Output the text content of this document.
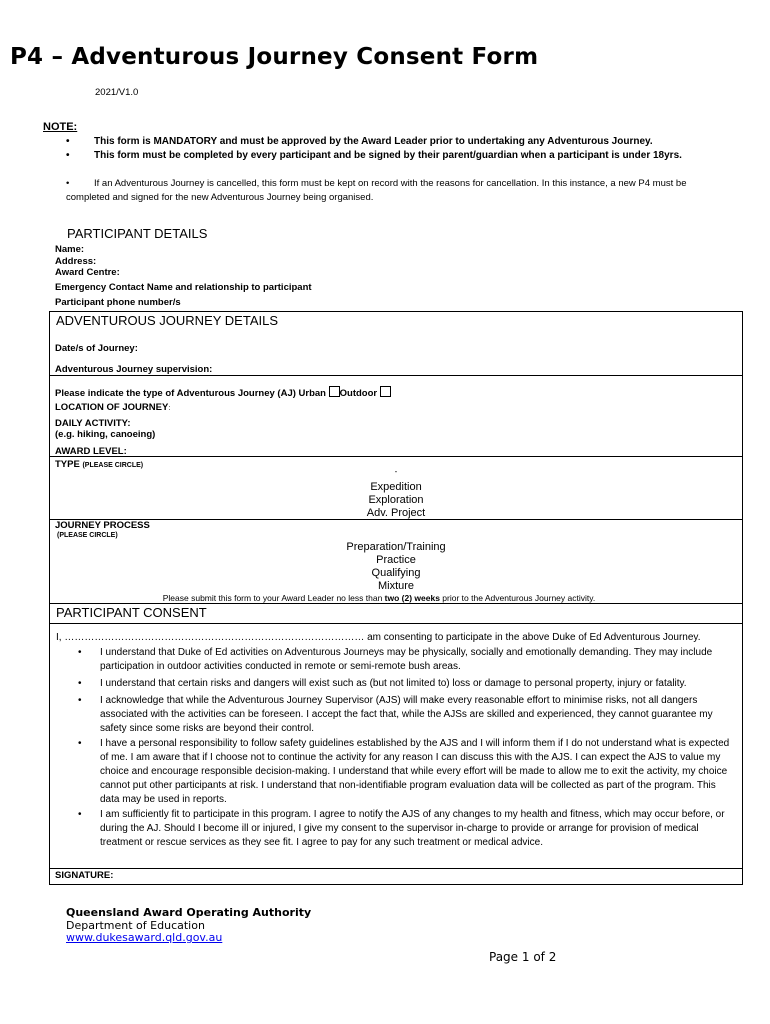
P4 – Adventurous Journey Consent Form
2021/V1.0
NOTE:
• This form is MANDATORY and must be approved by the Award Leader prior to undertaking any Adventurous Journey.
• This form must be completed by every participant and be signed by their parent/guardian when a participant is under 18yrs.
•	If an Adventurous Journey is cancelled, this form must be kept on record with the reasons for cancellation. In this instance, a new P4 must be completed and signed for the new Adventurous Journey being organised.
PARTICIPANT DETAILS
Name:
Address:
Award Centre:
Emergency Contact Name and relationship to participant
Participant phone number/s
ADVENTUROUS JOURNEY DETAILS
Date/s of Journey:
Adventurous Journey supervision:
Please indicate the type of Adventurous Journey (AJ) Urban Outdoor
LOCATION OF JOURNEY:
DAILY ACTIVITY:
(e.g. hiking, canoeing)
AWARD LEVEL:
TYPE (PLEASE CIRCLE)
-
Expedition
Exploration
Adv. Project
JOURNEY PROCESS
(PLEASE CIRCLE)
Preparation/Training
Practice
Qualifying
Mixture
Please submit this form to your Award Leader no less than two (2) weeks prior to the Adventurous Journey activity.
PARTICIPANT CONSENT

I, ……………………………………………………………………………… am consenting to participate in the above Duke of Ed Adventurous Journey.

• I understand that Duke of Ed activities on Adventurous Journeys may be physically, socially and emotionally demanding. They may include participation in outdoor activities conducted in remote or semi-remote bush areas.

• I understand that certain risks and dangers will exist such as (but not limited to) loss or damage to personal property, injury or fatality.

• I acknowledge that while the Adventurous Journey Supervisor (AJS) will make every reasonable effort to minimise risks, not all dangers associated with the activities can be foreseen. I accept the fact that, while the AJSs are skilled and experienced, they cannot guarantee my safety since some risks are beyond their control.

• I have a personal responsibility to follow safety guidelines established by the AJS and I will inform them if I do not understand what is expected of me. I am aware that if I choose not to continue the activity for any reason I can discuss this with the AJS. I can expect the AJS to value my choice and encourage responsible decision-making. I understand that while every effort will be made to allow me to exit the activity, my choice cannot put other participants at risk. I understand that non-identifiable program evaluation data will be collected as part of the program. This data may be used in reports.

• I am sufficiently fit to participate in this program. I agree to notify the AJS of any changes to my health and fitness, which may occur before, or during the AJ. Should I become ill or injured, I give my consent to the supervisor in-charge to provide or arrange for provision of medical treatment or rescue services as they see fit. I agree to pay for any such treatment or medical advice.

SIGNATURE:
Queensland Award Operating Authority
Department of Education
www.dukesaward.qld.gov.au
Page 1 of 2
